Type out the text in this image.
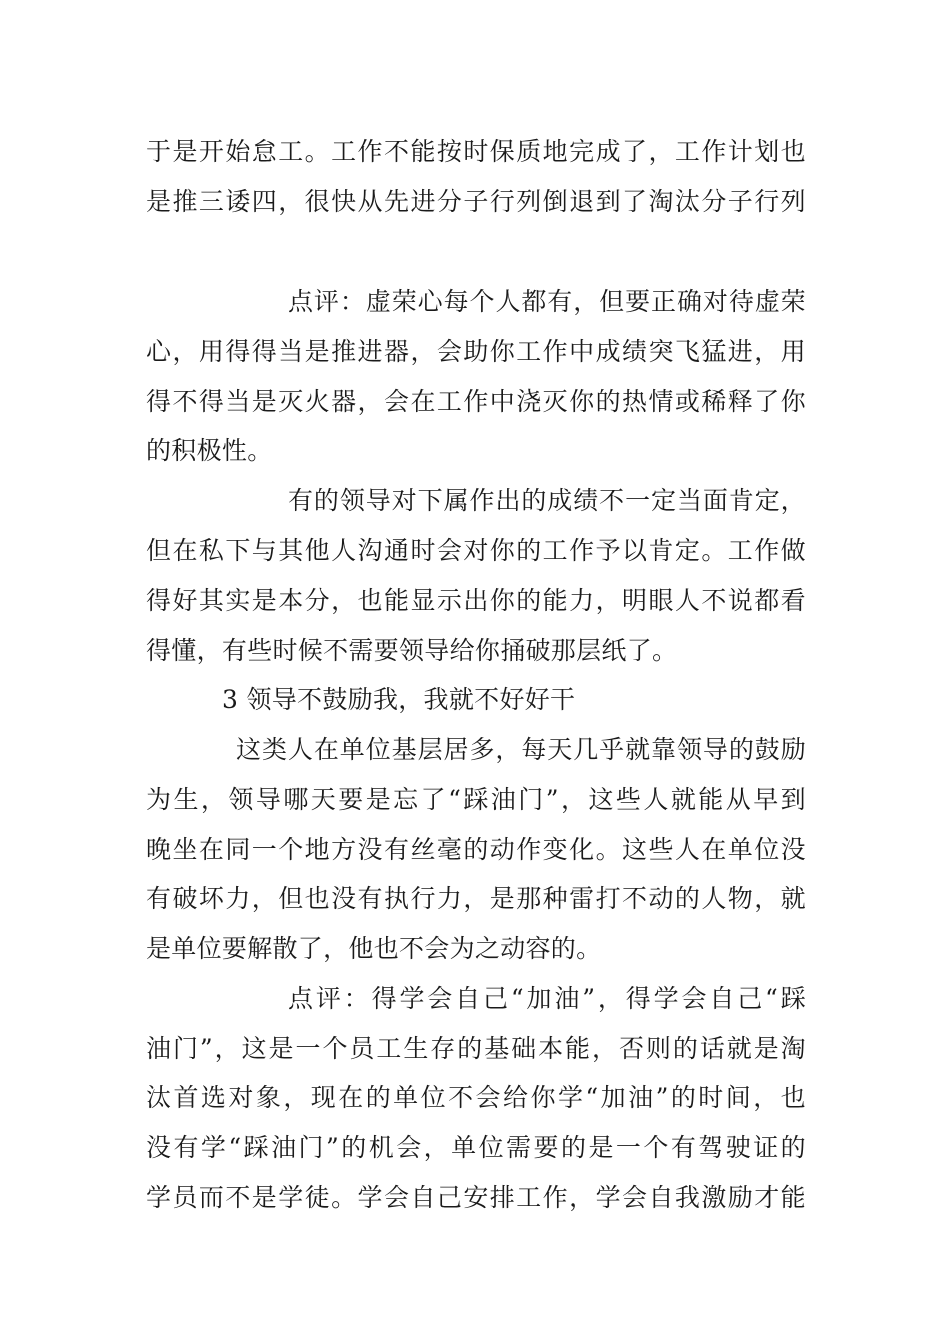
于是开始怠工。工作不能按时保质地完成了，工作计划也
是推三诿四，很快从先进分子行列倒退到了淘汰分子行列
点评：虚荣心每个人都有，但要正确对待虚荣
心，用得得当是推进器，会助你工作中成绩突飞猛进，用
得不得当是灭火器，会在工作中浇灭你的热情或稀释了你
的积极性。
有的领导对下属作出的成绩不一定当面肯定，
但在私下与其他人沟通时会对你的工作予以肯定。工作做
得好其实是本分，也能显示出你的能力，明眼人不说都看
得懂，有些时候不需要领导给你捅破那层纸了。
3 领导不鼓励我，我就不好好干
这类人在单位基层居多，每天几乎就靠领导的鼓励
为生，领导哪天要是忘了“踩油门”，这些人就能从早到
晚坐在同一个地方没有丝毫的动作变化。这些人在单位没
有破坏力，但也没有执行力，是那种雷打不动的人物，就
是单位要解散了，他也不会为之动容的。
点评：得学会自己“加油”，得学会自己“踩
油门”，这是一个员工生存的基础本能，否则的话就是淘
汰首选对象，现在的单位不会给你学“加油”的时间，也
没有学“踩油门”的机会，单位需要的是一个有驾驶证的
学员而不是学徒。学会自己安排工作，学会自我激励才能
